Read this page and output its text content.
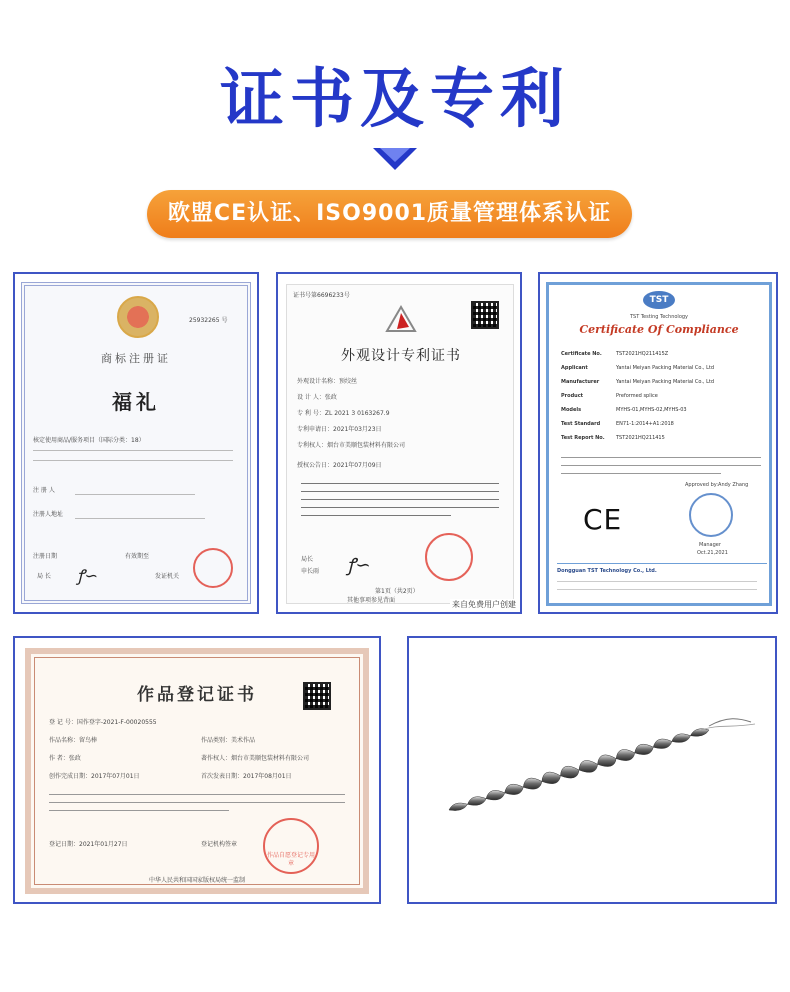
证书及专利
欧盟CE认证、ISO9001质量管理体系认证
25932265 号
商标注册证
福礼
核定使用商品/服务项目（国际分类：18）
注 册 人
注册人地址
注册日期	有效期至
局 长 ꝭ∽	发证机关
证书号第6696233号
外观设计专利证书
外观设计名称：预绞丝
设 计 人：张政
专 利 号：ZL 2021 3 0163267.9
专利申请日：2021年03月23日
专利权人：烟台市美顺包装材料有限公司
授权公告日：2021年07月09日
局长
申长雨 ꝭ∽
第1页（共2页）
其他事项参见背面	来自免费用户创建
TST
TST Testing Technology
Certificate Of Compliance
Certificate No.	TST2021HQ211415Z
Applicant	Yantai Meiyan Packing Material Co., Ltd
Manufacturer	Yantai Meiyan Packing Material Co., Ltd
Product	Preformed splice
Models	MYHS-01,MYHS-02,MYHS-03
Test Standard	EN71-1:2014+A1:2018
Test Report No.	TST2021HQ211415
CE
Approved by:Andy Zhang
Manager
Oct.21,2021
Dongguan TST Technology Co., Ltd.
作品登记证书
登 记 号：国作登字-2021-F-00020555
作品名称：留鸟棒	作品类别：美术作品
作 者：张政	著作权人：烟台市美顺包装材料有限公司
创作完成日期：2017年07月01日	首次发表日期：2017年08月01日
登记日期：2021年01月27日	登记机构签章
作品自愿登记专用章
中华人民共和国国家版权局统一监制
